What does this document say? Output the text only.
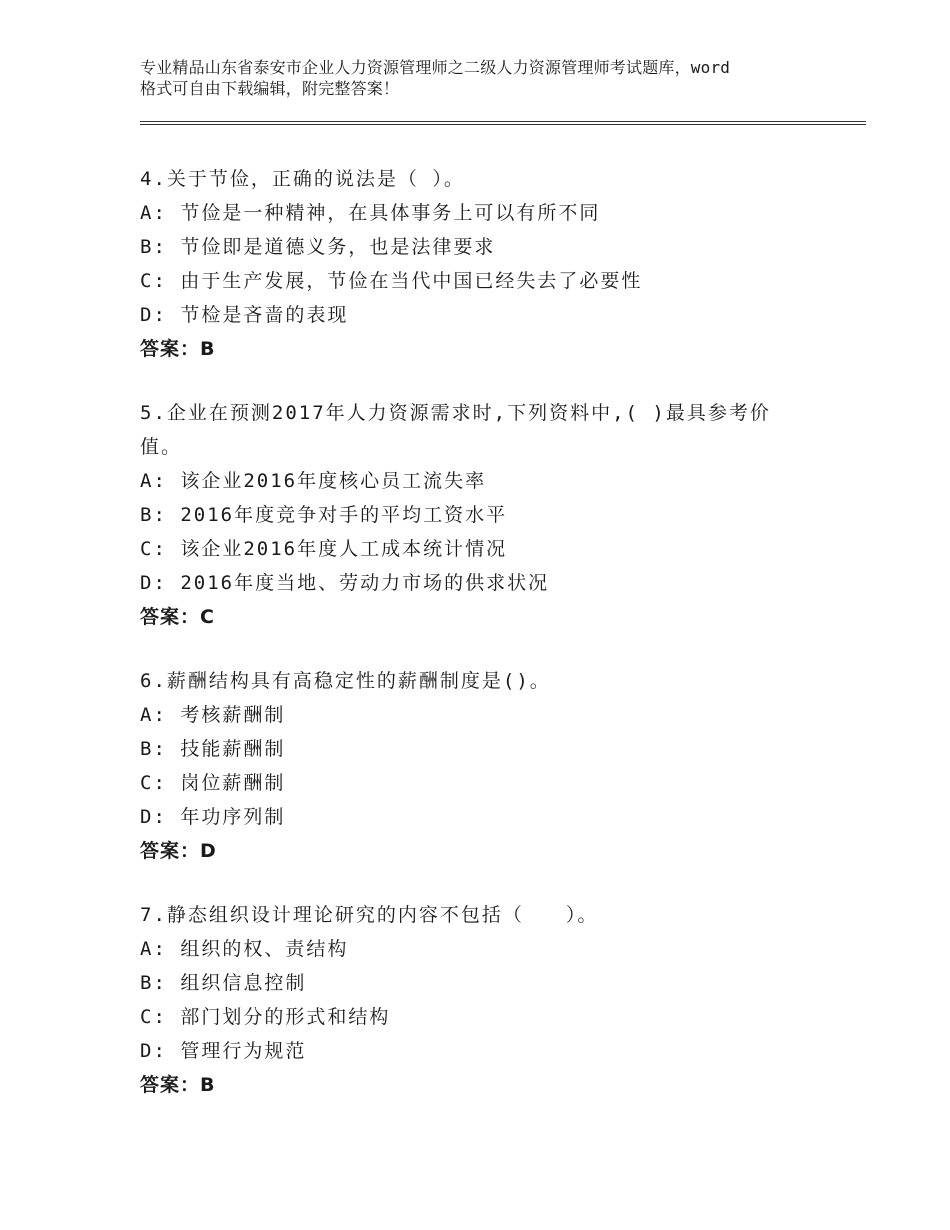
专业精品山东省泰安市企业人力资源管理师之二级人力资源管理师考试题库，word
格式可自由下载编辑，附完整答案！
4.关于节俭，正确的说法是（ ）。
A: 节俭是一种精神，在具体事务上可以有所不同
B: 节俭即是道德义务，也是法律要求
C: 由于生产发展，节俭在当代中国已经失去了必要性
D: 节检是吝啬的表现
答案：B
5.企业在预测2017年人力资源需求时,下列资料中,( )最具参考价
值。
A: 该企业2016年度核心员工流失率
B: 2016年度竞争对手的平均工资水平
C: 该企业2016年度人工成本统计情况
D: 2016年度当地、劳动力市场的供求状况
答案：C
6.薪酬结构具有高稳定性的薪酬制度是()。
A: 考核薪酬制
B: 技能薪酬制
C: 岗位薪酬制
D: 年功序列制
答案：D
7.静态组织设计理论研究的内容不包括（　　）。
A: 组织的权、责结构
B: 组织信息控制
C: 部门划分的形式和结构
D: 管理行为规范
答案：B
